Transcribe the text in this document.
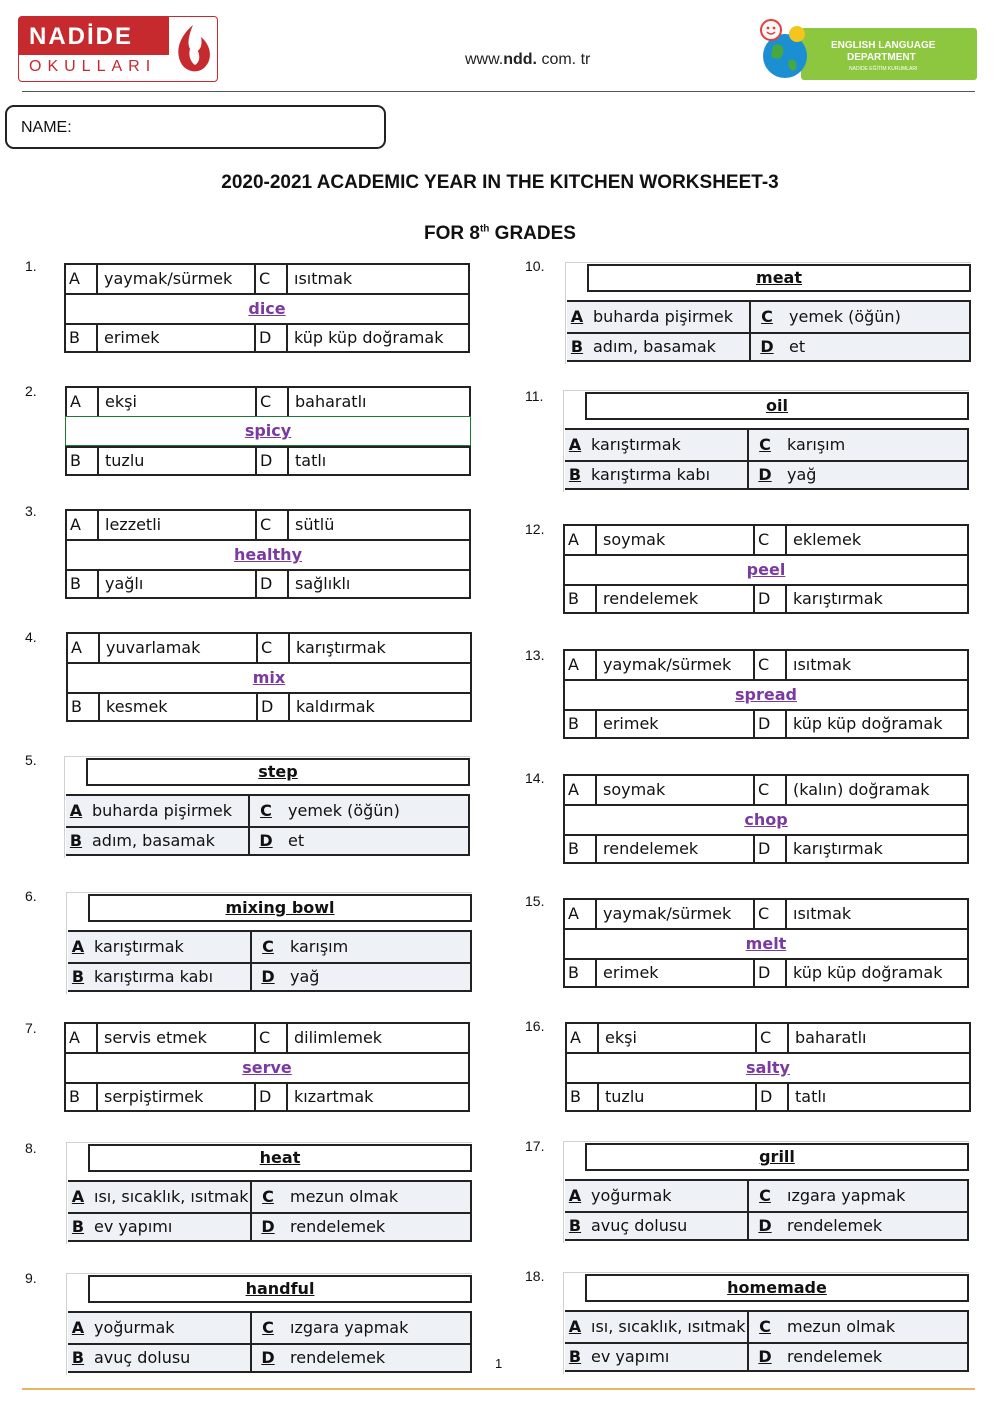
NADİDE
OKULLARI	www.ndd. com. tr
ENGLISH LANGUAGE
DEPARTMENT
NADİDE EĞİTİM KURUMLARI
NAME:
2020-2021 ACADEMIC YEAR IN THE KITCHEN WORKSHEET-3
FOR 8th GRADES
1.
A	yaymak/sürmek	C	ısıtmak
dice
B	erimek	D	küp küp doğramak
2.
A	ekşi	C	baharatlı
spicy
B	tuzlu	D	tatlı
3.
A	lezzetli	C	sütlü
healthy
B	yağlı	D	sağlıklı
4.
A	yuvarlamak	C	karıştırmak
mix
B	kesmek	D	kaldırmak
5.
step
A buharda pişirmek	C	yemek (öğün)
B adım, basamak	D et
6.
mixing bowl
A karıştırmak	C	karışım
B karıştırma kabı	D yağ
7.	A	servis etmek	C	dilimlemek
serve
B	serpiştirmek	D	kızartmak
8.	heat
A ısı, sıcaklık, ısıtmak C	mezun olmak
B ev yapımı	D rendelemek
9.
handful
A yoğurmak	C	ızgara yapmak
B avuç dolusu	D rendelemek
10.
meat
A buharda pişirmek	C	yemek (öğün)
B adım, basamak	D et
11.	oil
A karıştırmak	C	karışım
B karıştırma kabı	D yağ
12.
A	soymak	C	eklemek
peel
B	rendelemek	D	karıştırmak
13.	A	yaymak/sürmek	C	ısıtmak
spread
B	erimek	D	küp küp doğramak
14.
A	soymak	C	(kalın) doğramak
chop
B	rendelemek	D	karıştırmak
15.
A	yaymak/sürmek	C	ısıtmak
melt
B	erimek	D	küp küp doğramak
16.
A	ekşi	C	baharatlı
salty
B	tuzlu	D	tatlı
17.
grill
A yoğurmak	C	ızgara yapmak
B avuç dolusu	D rendelemek
18.
homemade
A ısı, sıcaklık, ısıtmak C	mezun olmak
B ev yapımı	D rendelemek
1
